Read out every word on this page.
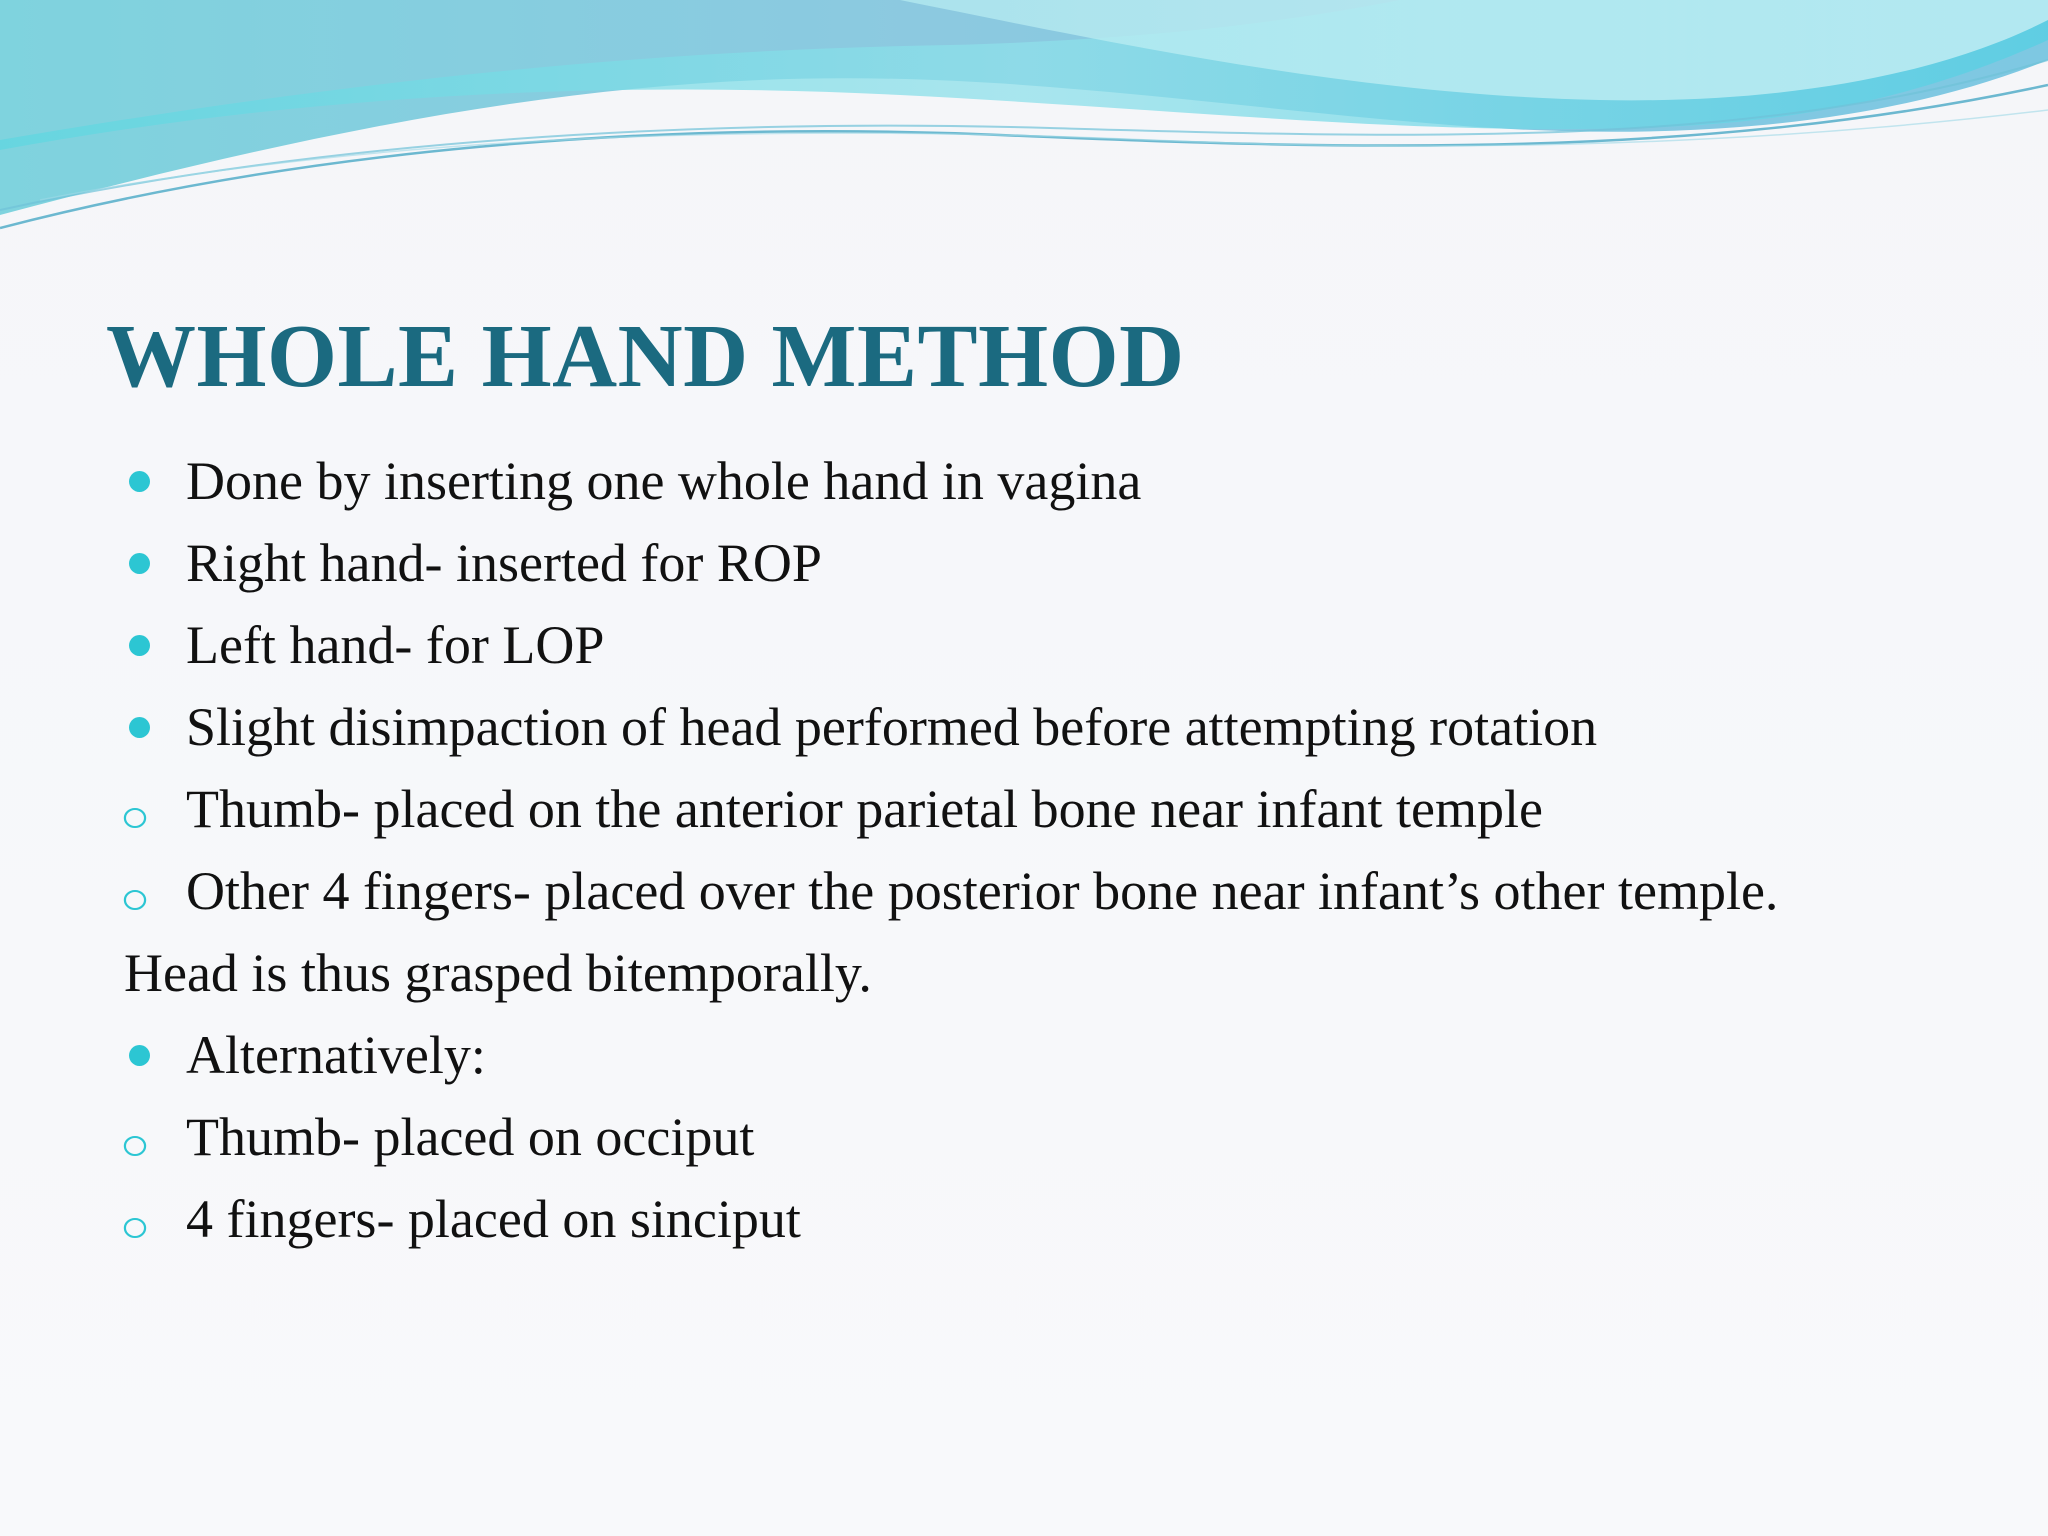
WHOLE HAND METHOD
Done by inserting one whole hand in vagina
Right hand- inserted for ROP
Left hand- for LOP
Slight disimpaction of head performed before attempting rotation
Thumb- placed on the anterior parietal bone near infant temple
Other 4 fingers- placed over the posterior bone near infant’s other temple.
Head is thus grasped bitemporally.
Alternatively:
Thumb- placed on occiput
4 fingers- placed on sinciput
